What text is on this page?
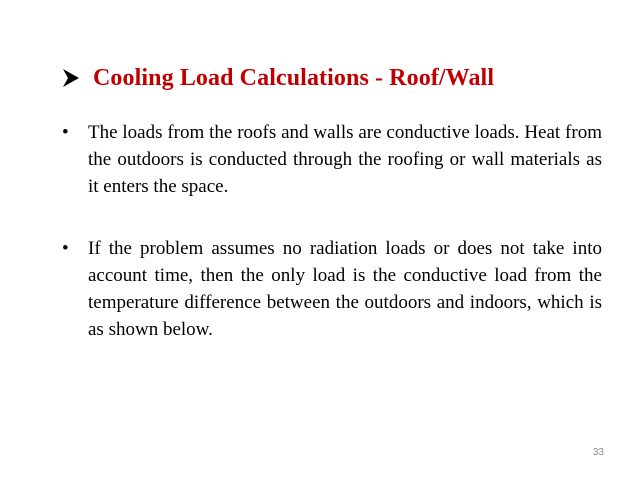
Cooling Load Calculations - Roof/Wall
•	The loads from the roofs and walls are conductive loads. Heat from the outdoors is conducted through the roofing or wall materials as it enters the space.
•	If the problem assumes no radiation loads or does not take into account time, then the only load is the conductive load from the temperature difference between the outdoors and indoors, which is as shown below.
33
